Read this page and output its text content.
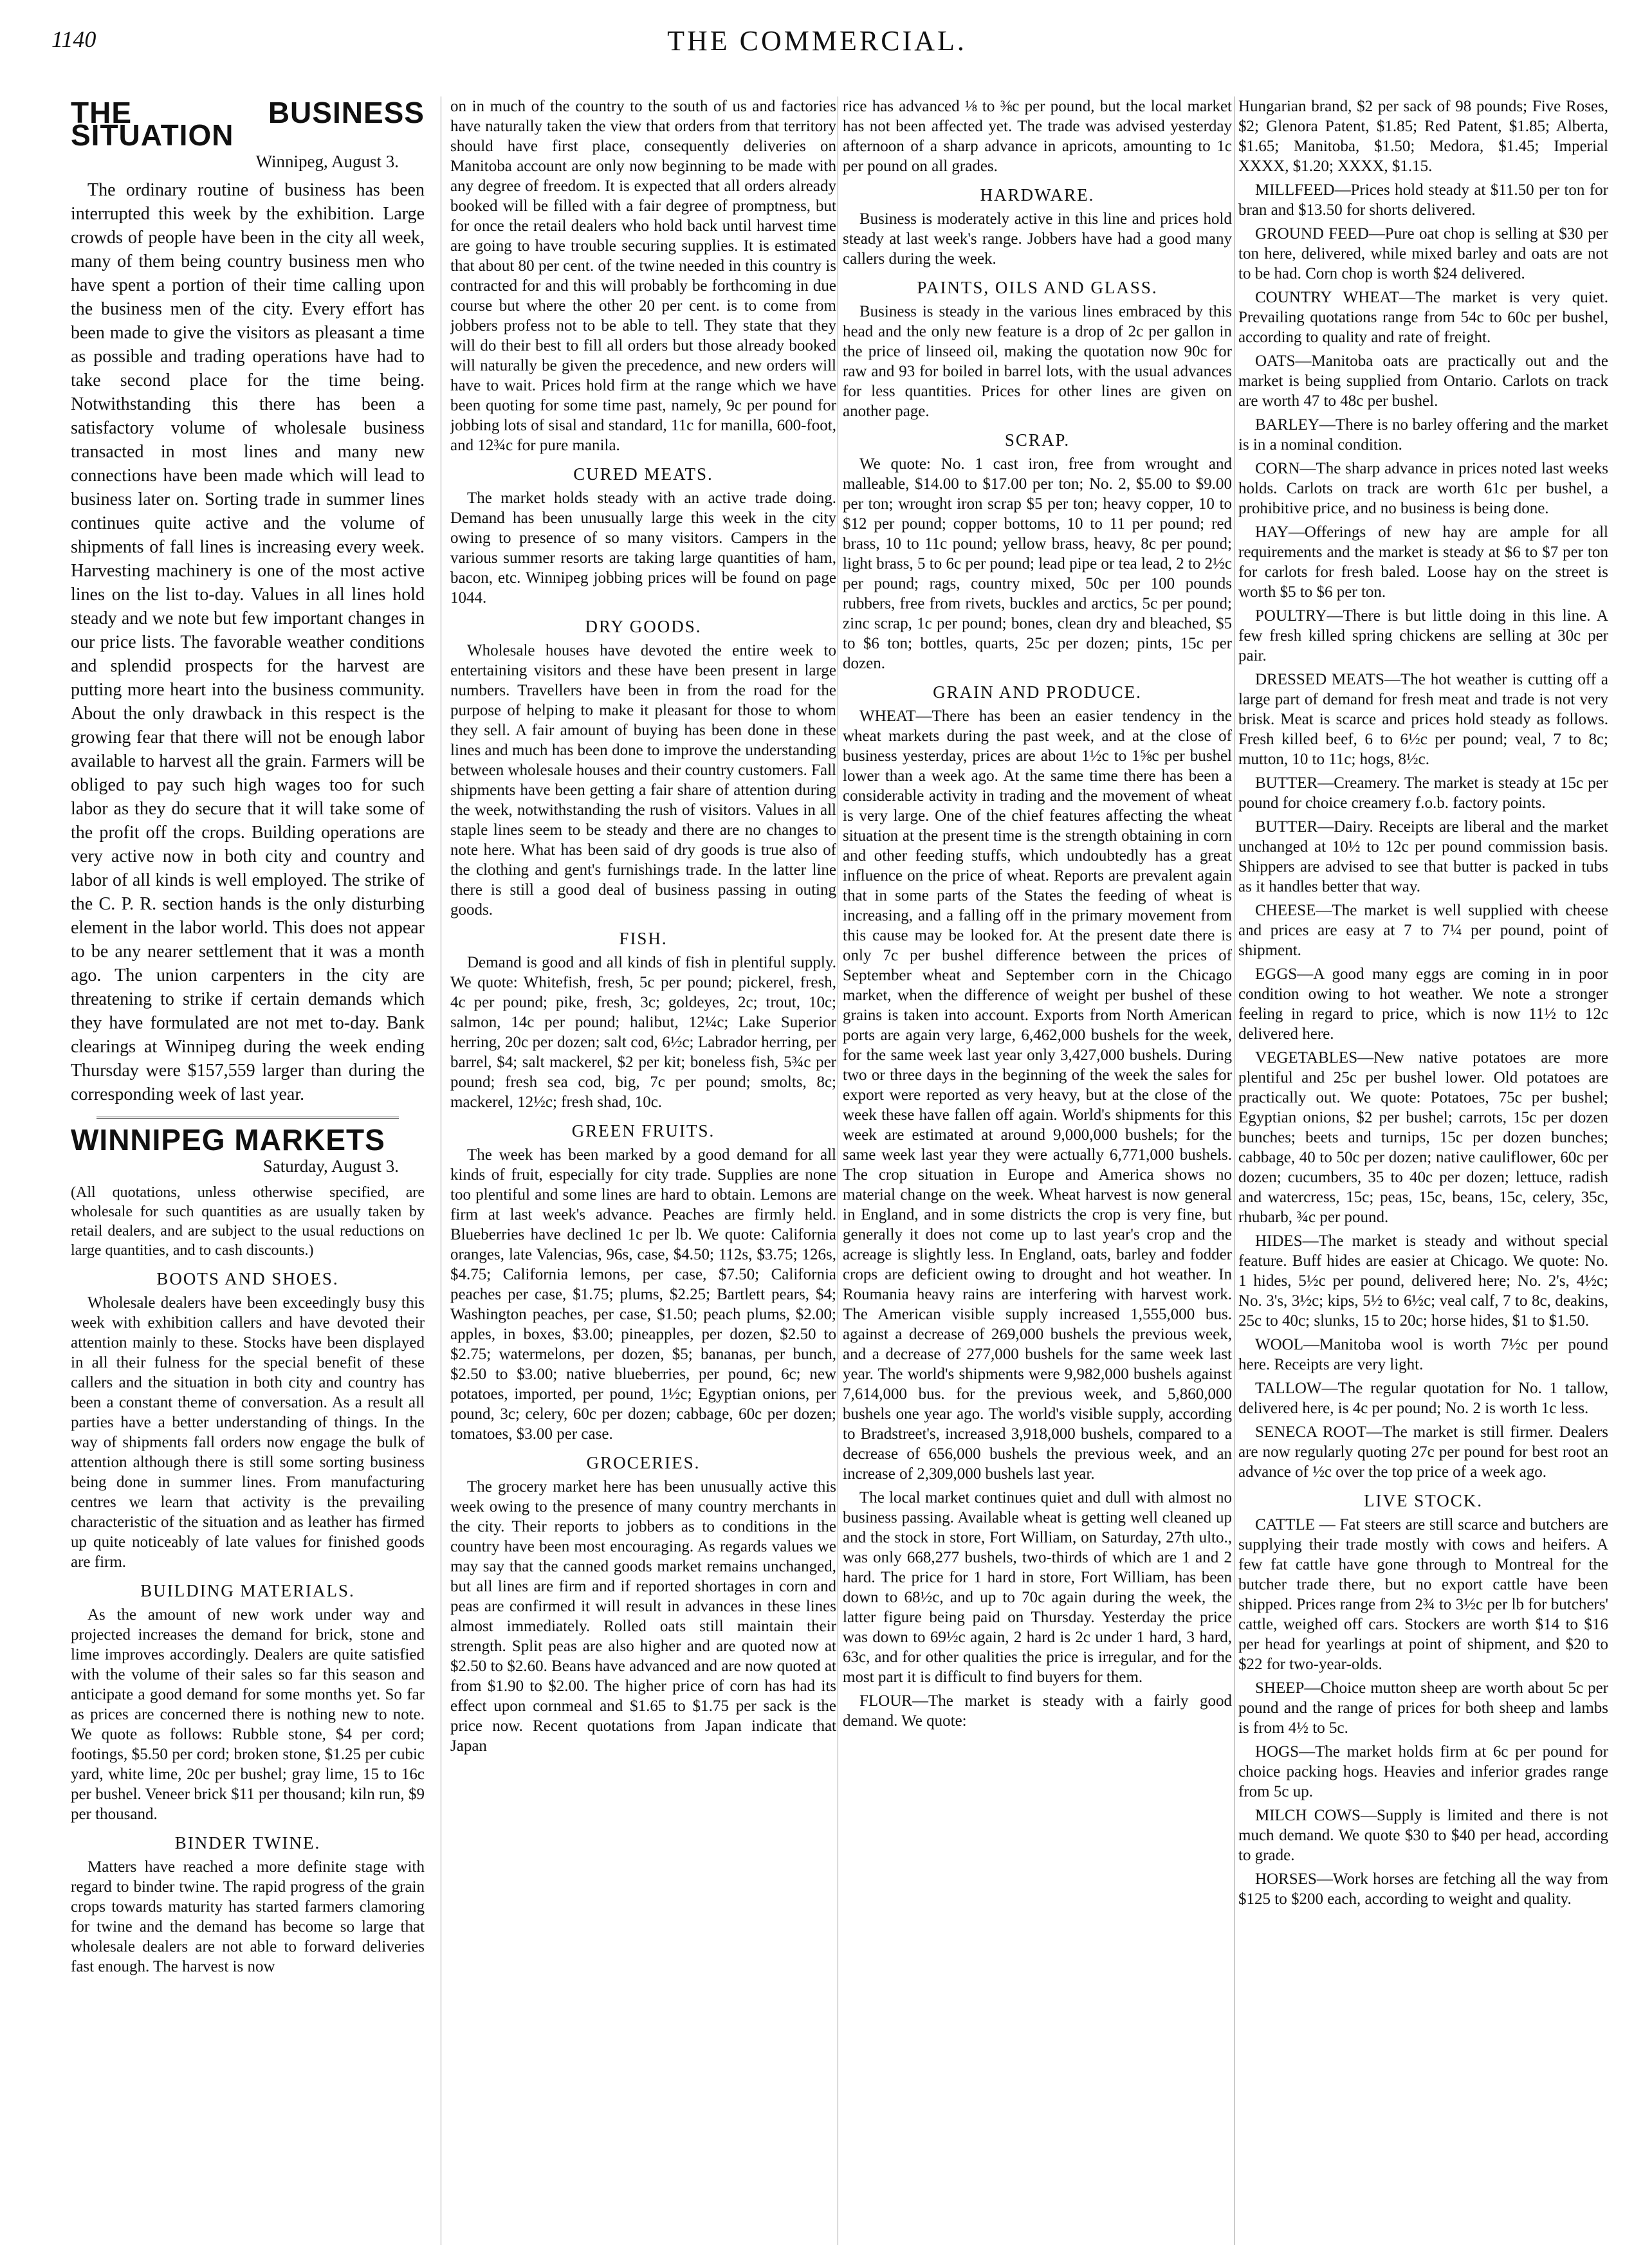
1140	THE COMMERCIAL.
THE BUSINESS SITUATION
Winnipeg, August 3.

The ordinary routine of business has been interrupted this week by the exhibition. Large crowds of people have been in the city all week, many of them being country business men who have spent a portion of their time calling upon the business men of the city. Every effort has been made to give the visitors as pleasant a time as possible and trading operations have had to take second place for the time being. Notwithstanding this there has been a satisfactory volume of wholesale business transacted in most lines and many new connections have been made which will lead to business later on. Sorting trade in summer lines continues quite active and the volume of shipments of fall lines is increasing every week. Harvesting machinery is one of the most active lines on the list to-day. Values in all lines hold steady and we note but few important changes in our price lists. The favorable weather conditions and splendid prospects for the harvest are putting more heart into the business community. About the only drawback in this respect is the growing fear that there will not be enough labor available to harvest all the grain. Farmers will be obliged to pay such high wages too for such labor as they do secure that it will take some of the profit off the crops. Building operations are very active now in both city and country and labor of all kinds is well employed. The strike of the C. P. R. section hands is the only disturbing element in the labor world. This does not appear to be any nearer settlement that it was a month ago. The union carpenters in the city are threatening to strike if certain demands which they have formulated are not met to-day. Bank clearings at Winnipeg during the week ending Thursday were $157,559 larger than during the corresponding week of last year.

WINNIPEG MARKETS
Saturday, August 3.
(All quotations, unless otherwise specified, are wholesale for such quantities as are usually taken by retail dealers, and are subject to the usual reductions on large quantities, and to cash discounts.)
BOOTS AND SHOES.

Wholesale dealers have been exceedingly busy this week with exhibition callers and have devoted their attention mainly to these. Stocks have been displayed in all their fulness for the special benefit of these callers and the situation in both city and country has been a constant theme of conversation. As a result all parties have a better understanding of things. In the way of shipments fall orders now engage the bulk of attention although there is still some sorting business being done in summer lines. From manufacturing centres we learn that activity is the prevailing characteristic of the situation and as leather has firmed up quite noticeably of late values for finished goods are firm.

BUILDING MATERIALS.

As the amount of new work under way and projected increases the demand for brick, stone and lime improves accordingly. Dealers are quite satisfied with the volume of their sales so far this season and anticipate a good demand for some months yet. So far as prices are concerned there is nothing new to note. We quote as follows: Rubble stone, $4 per cord; footings, $5.50 per cord; broken stone, $1.25 per cubic yard, white lime, 20c per bushel; gray lime, 15 to 16c per bushel. Veneer brick $11 per thousand; kiln run, $9 per thousand.

BINDER TWINE.

Matters have reached a more definite stage with regard to binder twine. The rapid progress of the grain crops towards maturity has started farmers clamoring for twine and the demand has become so large that wholesale dealers are not able to forward deliveries fast enough. The harvest is now

on in much of the country to the south of us and factories have naturally taken the view that orders from that territory should have first place, consequently deliveries on Manitoba account are only now beginning to be made with any degree of freedom. It is expected that all orders already booked will be filled with a fair degree of promptness, but for once the retail dealers who hold back until harvest time are going to have trouble securing supplies. It is estimated that about 80 per cent. of the twine needed in this country is contracted for and this will probably be forthcoming in due course but where the other 20 per cent. is to come from jobbers profess not to be able to tell. They state that they will do their best to fill all orders but those already booked will naturally be given the precedence, and new orders will have to wait. Prices hold firm at the range which we have been quoting for some time past, namely, 9c per pound for jobbing lots of sisal and standard, 11c for manilla, 600-foot, and 12¾c for pure manila.

CURED MEATS.

The market holds steady with an active trade doing. Demand has been unusually large this week in the city owing to presence of so many visitors. Campers in the various summer resorts are taking large quantities of ham, bacon, etc. Winnipeg jobbing prices will be found on page 1044.

DRY GOODS.

Wholesale houses have devoted the entire week to entertaining visitors and these have been present in large numbers. Travellers have been in from the road for the purpose of helping to make it pleasant for those to whom they sell. A fair amount of buying has been done in these lines and much has been done to improve the understanding between wholesale houses and their country customers. Fall shipments have been getting a fair share of attention during the week, notwithstanding the rush of visitors. Values in all staple lines seem to be steady and there are no changes to note here. What has been said of dry goods is true also of the clothing and gent's furnishings trade. In the latter line there is still a good deal of business passing in outing goods.

FISH.

Demand is good and all kinds of fish in plentiful supply. We quote: Whitefish, fresh, 5c per pound; pickerel, fresh, 4c per pound; pike, fresh, 3c; goldeyes, 2c; trout, 10c; salmon, 14c per pound; halibut, 12¼c; Lake Superior herring, 20c per dozen; salt cod, 6½c; Labrador herring, per barrel, $4; salt mackerel, $2 per kit; boneless fish, 5¾c per pound; fresh sea cod, big, 7c per pound; smolts, 8c; mackerel, 12½c; fresh shad, 10c.

GREEN FRUITS.

The week has been marked by a good demand for all kinds of fruit, especially for city trade. Supplies are none too plentiful and some lines are hard to obtain. Lemons are firm at last week's advance. Peaches are firmly held. Blueberries have declined 1c per lb. We quote: California oranges, late Valencias, 96s, case, $4.50; 112s, $3.75; 126s, $4.75; California lemons, per case, $7.50; California peaches per case, $1.75; plums, $2.25; Bartlett pears, $4; Washington peaches, per case, $1.50; peach plums, $2.00; apples, in boxes, $3.00; pineapples, per dozen, $2.50 to $2.75; watermelons, per dozen, $5; bananas, per bunch, $2.50 to $3.00; native blueberries, per pound, 6c; new potatoes, imported, per pound, 1½c; Egyptian onions, per pound, 3c; celery, 60c per dozen; cabbage, 60c per dozen; tomatoes, $3.00 per case.

GROCERIES.

The grocery market here has been unusually active this week owing to the presence of many country merchants in the city. Their reports to jobbers as to conditions in the country have been most encouraging. As regards values we may say that the canned goods market remains unchanged, but all lines are firm and if reported shortages in corn and peas are confirmed it will result in advances in these lines almost immediately. Rolled oats still maintain their strength. Split peas are also higher and are quoted now at $2.50 to $2.60. Beans have advanced and are now quoted at from $1.90 to $2.00. The higher price of corn has had its effect upon cornmeal and $1.65 to $1.75 per sack is the price now. Recent quotations from Japan indicate that Japan

rice has advanced ⅛ to ⅜c per pound, but the local market has not been affected yet. The trade was advised yesterday afternoon of a sharp advance in apricots, amounting to 1c per pound on all grades.

HARDWARE.

Business is moderately active in this line and prices hold steady at last week's range. Jobbers have had a good many callers during the week.

PAINTS, OILS AND GLASS.

Business is steady in the various lines embraced by this head and the only new feature is a drop of 2c per gallon in the price of linseed oil, making the quotation now 90c for raw and 93 for boiled in barrel lots, with the usual advances for less quantities. Prices for other lines are given on another page.

SCRAP.

We quote: No. 1 cast iron, free from wrought and malleable, $14.00 to $17.00 per ton; No. 2, $5.00 to $9.00 per ton; wrought iron scrap $5 per ton; heavy copper, 10 to $12 per pound; copper bottoms, 10 to 11 per pound; red brass, 10 to 11c pound; yellow brass, heavy, 8c per pound; light brass, 5 to 6c per pound; lead pipe or tea lead, 2 to 2½c per pound; rags, country mixed, 50c per 100 pounds rubbers, free from rivets, buckles and arctics, 5c per pound; zinc scrap, 1c per pound; bones, clean dry and bleached, $5 to $6 ton; bottles, quarts, 25c per dozen; pints, 15c per dozen.

GRAIN AND PRODUCE.

WHEAT—There has been an easier tendency in the wheat markets during the past week, and at the close of business yesterday, prices are about 1½c to 1⅝c per bushel lower than a week ago. At the same time there has been a considerable activity in trading and the movement of wheat is very large. One of the chief features affecting the wheat situation at the present time is the strength obtaining in corn and other feeding stuffs, which undoubtedly has a great influence on the price of wheat. Reports are prevalent again that in some parts of the States the feeding of wheat is increasing, and a falling off in the primary movement from this cause may be looked for. At the present date there is only 7c per bushel difference between the prices of September wheat and September corn in the Chicago market, when the difference of weight per bushel of these grains is taken into account. Exports from North American ports are again very large, 6,462,000 bushels for the week, for the same week last year only 3,427,000 bushels. During two or three days in the beginning of the week the sales for export were reported as very heavy, but at the close of the week these have fallen off again. World's shipments for this week are estimated at around 9,000,000 bushels; for the same week last year they were actually 6,771,000 bushels. The crop situation in Europe and America shows no material change on the week. Wheat harvest is now general in England, and in some districts the crop is very fine, but generally it does not come up to last year's crop and the acreage is slightly less. In England, oats, barley and fodder crops are deficient owing to drought and hot weather. In Roumania heavy rains are interfering with harvest work. The American visible supply increased 1,555,000 bus. against a decrease of 269,000 bushels the previous week, and a decrease of 277,000 bushels for the same week last year. The world's shipments were 9,982,000 bushels against 7,614,000 bus. for the previous week, and 5,860,000 bushels one year ago. The world's visible supply, according to Bradstreet's, increased 3,918,000 bushels, compared to a decrease of 656,000 bushels the previous week, and an increase of 2,309,000 bushels last year.

The local market continues quiet and dull with almost no business passing. Available wheat is getting well cleaned up and the stock in store, Fort William, on Saturday, 27th ulto., was only 668,277 bushels, two-thirds of which are 1 and 2 hard. The price for 1 hard in store, Fort William, has been down to 68½c, and up to 70c again during the week, the latter figure being paid on Thursday. Yesterday the price was down to 69½c again, 2 hard is 2c under 1 hard, 3 hard, 63c, and for other qualities the price is irregular, and for the most part it is difficult to find buyers for them.

FLOUR—The market is steady with a fairly good demand. We quote:

Hungarian brand, $2 per sack of 98 pounds; Five Roses, $2; Glenora Patent, $1.85; Red Patent, $1.85; Alberta, $1.65; Manitoba, $1.50; Medora, $1.45; Imperial XXXX, $1.20; XXXX, $1.15.

MILLFEED—Prices hold steady at $11.50 per ton for bran and $13.50 for shorts delivered.

GROUND FEED—Pure oat chop is selling at $30 per ton here, delivered, while mixed barley and oats are not to be had. Corn chop is worth $24 delivered.

COUNTRY WHEAT—The market is very quiet. Prevailing quotations range from 54c to 60c per bushel, according to quality and rate of freight.

OATS—Manitoba oats are practically out and the market is being supplied from Ontario. Carlots on track are worth 47 to 48c per bushel.

BARLEY—There is no barley offering and the market is in a nominal condition.

CORN—The sharp advance in prices noted last weeks holds. Carlots on track are worth 61c per bushel, a prohibitive price, and no business is being done.

HAY—Offerings of new hay are ample for all requirements and the market is steady at $6 to $7 per ton for carlots for fresh baled. Loose hay on the street is worth $5 to $6 per ton.

POULTRY—There is but little doing in this line. A few fresh killed spring chickens are selling at 30c per pair.

DRESSED MEATS—The hot weather is cutting off a large part of demand for fresh meat and trade is not very brisk. Meat is scarce and prices hold steady as follows. Fresh killed beef, 6 to 6½c per pound; veal, 7 to 8c; mutton, 10 to 11c; hogs, 8½c.

BUTTER—Creamery. The market is steady at 15c per pound for choice creamery f.o.b. factory points.

BUTTER—Dairy. Receipts are liberal and the market unchanged at 10½ to 12c per pound commission basis. Shippers are advised to see that butter is packed in tubs as it handles better that way.

CHEESE—The market is well supplied with cheese and prices are easy at 7 to 7¼ per pound, point of shipment.

EGGS—A good many eggs are coming in in poor condition owing to hot weather. We note a stronger feeling in regard to price, which is now 11½ to 12c delivered here.

VEGETABLES—New native potatoes are more plentiful and 25c per bushel lower. Old potatoes are practically out. We quote: Potatoes, 75c per bushel; Egyptian onions, $2 per bushel; carrots, 15c per dozen bunches; beets and turnips, 15c per dozen bunches; cabbage, 40 to 50c per dozen; native cauliflower, 60c per dozen; cucumbers, 35 to 40c per dozen; lettuce, radish and watercress, 15c; peas, 15c, beans, 15c, celery, 35c, rhubarb, ¾c per pound.

HIDES—The market is steady and without special feature. Buff hides are easier at Chicago. We quote: No. 1 hides, 5½c per pound, delivered here; No. 2's, 4½c; No. 3's, 3½c; kips, 5½ to 6½c; veal calf, 7 to 8c, deakins, 25c to 40c; slunks, 15 to 20c; horse hides, $1 to $1.50.

WOOL—Manitoba wool is worth 7½c per pound here. Receipts are very light.

TALLOW—The regular quotation for No. 1 tallow, delivered here, is 4c per pound; No. 2 is worth 1c less.

SENECA ROOT—The market is still firmer. Dealers are now regularly quoting 27c per pound for best root an advance of ½c over the top price of a week ago.

LIVE STOCK.

CATTLE — Fat steers are still scarce and butchers are supplying their trade mostly with cows and heifers. A few fat cattle have gone through to Montreal for the butcher trade there, but no export cattle have been shipped. Prices range from 2¾ to 3½c per lb for butchers' cattle, weighed off cars. Stockers are worth $14 to $16 per head for yearlings at point of shipment, and $20 to $22 for two-year-olds.

SHEEP—Choice mutton sheep are worth about 5c per pound and the range of prices for both sheep and lambs is from 4½ to 5c.

HOGS—The market holds firm at 6c per pound for choice packing hogs. Heavies and inferior grades range from 5c up.

MILCH COWS—Supply is limited and there is not much demand. We quote $30 to $40 per head, according to grade.

HORSES—Work horses are fetching all the way from $125 to $200 each, according to weight and quality.
